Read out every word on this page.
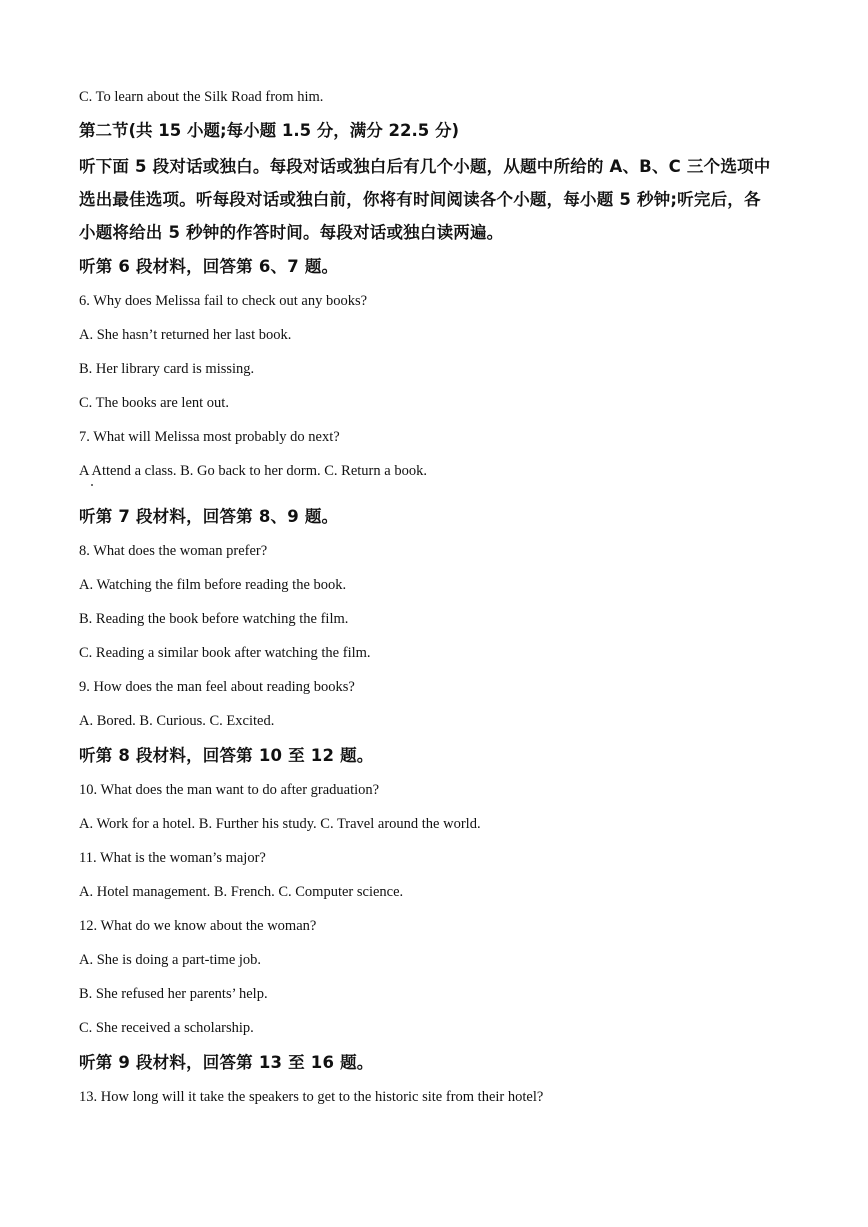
C. To learn about the Silk Road from him.
第二节(共 15 小题;每小题 1.5 分，满分 22.5 分)
听下面 5 段对话或独白。每段对话或独白后有几个小题，从题中所给的 A、B、C 三个选项中
选出最佳选项。听每段对话或独白前，你将有时间阅读各个小题，每小题 5 秒钟;听完后，各
小题将给出 5 秒钟的作答时间。每段对话或独白读两遍。
听第 6 段材料，回答第 6、7 题。
6. Why does Melissa fail to check out any books?
A. She hasn’t returned her last book.
B. Her library card is missing.
C. The books are lent out.
7. What will Melissa most probably do next?
A Attend a class. B. Go back to her dorm. C. Return a book.
听第 7 段材料，回答第 8、9 题。
8. What does the woman prefer?
A. Watching the film before reading the book.
B. Reading the book before watching the film.
C. Reading a similar book after watching the film.
9. How does the man feel about reading books?
A. Bored. B. Curious. C. Excited.
听第 8 段材料，回答第 10 至 12 题。
10. What does the man want to do after graduation?
A. Work for a hotel. B. Further his study. C. Travel around the world.
11. What is the woman’s major?
A. Hotel management. B. French. C. Computer science.
12. What do we know about the woman?
A. She is doing a part-time job.
B. She refused her parents’ help.
C. She received a scholarship.
听第 9 段材料，回答第 13 至 16 题。
13. How long will it take the speakers to get to the historic site from their hotel?
